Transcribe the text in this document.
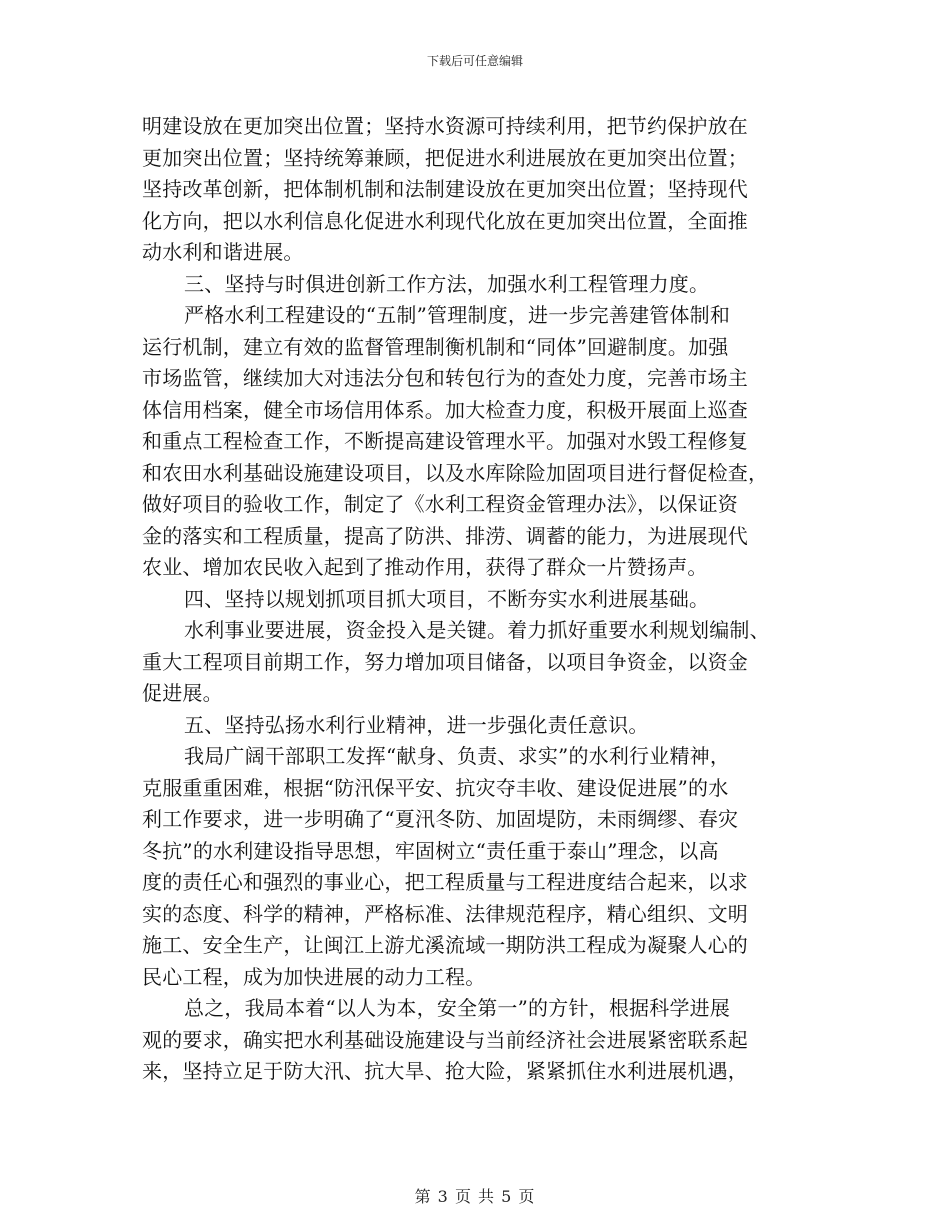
下载后可任意编辑
明建设放在更加突出位置；坚持水资源可持续利用，把节约保护放在
更加突出位置；坚持统筹兼顾，把促进水利进展放在更加突出位置；
坚持改革创新，把体制机制和法制建设放在更加突出位置；坚持现代
化方向，把以水利信息化促进水利现代化放在更加突出位置，全面推
动水利和谐进展。
三、坚持与时俱进创新工作方法，加强水利工程管理力度。
严格水利工程建设的“五制”管理制度，进一步完善建管体制和
运行机制，建立有效的监督管理制衡机制和“同体”回避制度。加强
市场监管，继续加大对违法分包和转包行为的查处力度，完善市场主
体信用档案，健全市场信用体系。加大检查力度，积极开展面上巡查
和重点工程检查工作，不断提高建设管理水平。加强对水毁工程修复
和农田水利基础设施建设项目，以及水库除险加固项目进行督促检查，
做好项目的验收工作，制定了《水利工程资金管理办法》，以保证资
金的落实和工程质量，提高了防洪、排涝、调蓄的能力，为进展现代
农业、增加农民收入起到了推动作用，获得了群众一片赞扬声。
四、坚持以规划抓项目抓大项目，不断夯实水利进展基础。
水利事业要进展，资金投入是关键。着力抓好重要水利规划编制、
重大工程项目前期工作，努力增加项目储备，以项目争资金，以资金
促进展。
五、坚持弘扬水利行业精神，进一步强化责任意识。
我局广阔干部职工发挥“献身、负责、求实”的水利行业精神，
克服重重困难，根据“防汛保平安、抗灾夺丰收、建设促进展”的水
利工作要求，进一步明确了“夏汛冬防、加固堤防，未雨绸缪、春灾
冬抗”的水利建设指导思想，牢固树立“责任重于泰山”理念，以高
度的责任心和强烈的事业心，把工程质量与工程进度结合起来，以求
实的态度、科学的精神，严格标准、法律规范程序，精心组织、文明
施工、安全生产，让闽江上游尤溪流域一期防洪工程成为凝聚人心的
民心工程，成为加快进展的动力工程。
总之，我局本着“以人为本，安全第一”的方针，根据科学进展
观的要求，确实把水利基础设施建设与当前经济社会进展紧密联系起
来，坚持立足于防大汛、抗大旱、抢大险，紧紧抓住水利进展机遇，
第 3 页 共 5 页
